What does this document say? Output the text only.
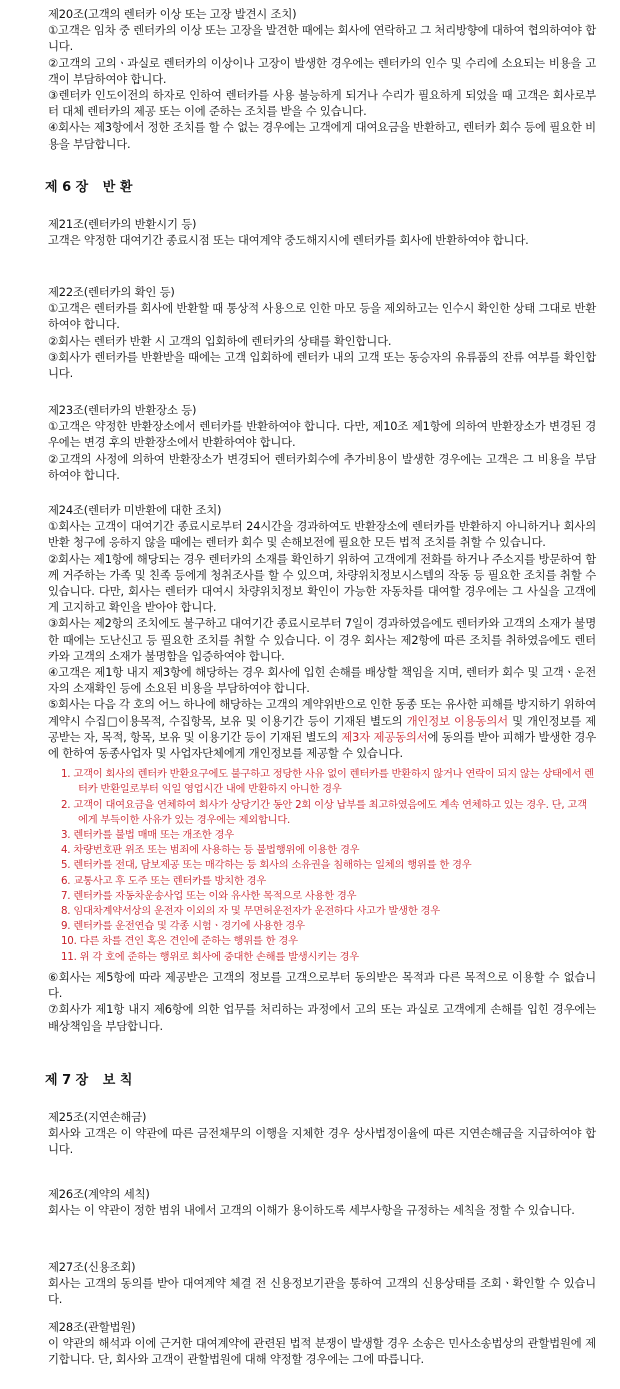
제20조(고객의 렌터카 이상 또는 고장 발견시 조치)
①고객은 임차 중 렌터카의 이상 또는 고장을 발견한 때에는 회사에 연락하고 그 처리방향에 대하여 협의하여야 합니다.
②고객의 고의ㆍ과실로 렌터카의 이상이나 고장이 발생한 경우에는 렌터카의 인수 및 수리에 소요되는 비용을 고객이 부담하여야 합니다.
③렌터카 인도이전의 하자로 인하여 렌터카를 사용 불능하게 되거나 수리가 필요하게 되었을 때 고객은 회사로부터 대체 렌터카의 제공 또는 이에 준하는 조치를 받을 수 있습니다.
④회사는 제3항에서 정한 조치를 할 수 없는 경우에는 고객에게 대여요금을 반환하고, 렌터카 회수 등에 필요한 비용을 부담합니다.
제 6 장 반 환
제21조(렌터카의 반환시기 등)
고객은 약정한 대여기간 종료시점 또는 대여계약 중도해지시에 렌터카를 회사에 반환하여야 합니다.
제22조(렌터카의 확인 등)
①고객은 렌터카를 회사에 반환할 때 통상적 사용으로 인한 마모 등을 제외하고는 인수시 확인한 상태 그대로 반환하여야 합니다.
②회사는 렌터카 반환 시 고객의 입회하에 렌터카의 상태를 확인합니다.
③회사가 렌터카를 반환받을 때에는 고객 입회하에 렌터카 내의 고객 또는 동승자의 유류품의 잔류 여부를 확인합니다.
제23조(렌터카의 반환장소 등)
①고객은 약정한 반환장소에서 렌터카를 반환하여야 합니다. 다만, 제10조 제1항에 의하여 반환장소가 변경된 경우에는 변경 후의 반환장소에서 반환하여야 합니다.
②고객의 사정에 의하여 반환장소가 변경되어 렌터카회수에 추가비용이 발생한 경우에는 고객은 그 비용을 부담하여야 합니다.
제24조(렌터카 미반환에 대한 조치)
①회사는 고객이 대여기간 종료시로부터 24시간을 경과하여도 반환장소에 렌터카를 반환하지 아니하거나 회사의 반환 청구에 응하지 않을 때에는 렌터카 회수 및 손해보전에 필요한 모든 법적 조치를 취할 수 있습니다.
②회사는 제1항에 해당되는 경우 렌터카의 소재를 확인하기 위하여 고객에게 전화를 하거나 주소지를 방문하여 함께 거주하는 가족 및 친족 등에게 청취조사를 할 수 있으며, 차량위치정보시스템의 작동 등 필요한 조치를 취할 수 있습니다. 다만, 회사는 렌터카 대여시 차량위치정보 확인이 가능한 자동차를 대여할 경우에는 그 사실을 고객에게 고지하고 확인을 받아야 합니다.
③회사는 제2항의 조치에도 불구하고 대여기간 종료시로부터 7일이 경과하였음에도 렌터카와 고객의 소재가 불명한 때에는 도난신고 등 필요한 조치를 취할 수 있습니다. 이 경우 회사는 제2항에 따른 조치를 취하였음에도 렌터카와 고객의 소재가 불명함을 입증하여야 합니다.
④고객은 제1항 내지 제3항에 해당하는 경우 회사에 입힌 손해를 배상할 책임을 지며, 렌터카 회수 및 고객ㆍ운전자의 소재확인 등에 소요된 비용을 부담하여야 합니다.
⑤회사는 다음 각 호의 어느 하나에 해당하는 고객의 계약위반으로 인한 동종 또는 유사한 피해를 방지하기 위하여 계약시 수집□이용목적, 수집항목, 보유 및 이용기간 등이 기재된 별도의 개인정보 이용동의서 및 개인정보를 제공받는 자, 목적, 항목, 보유 및 이용기간 등이 기재된 별도의 제3자 제공동의서에 동의를 받아 피해가 발생한 경우에 한하여 동종사업자 및 사업자단체에게 개인정보를 제공할 수 있습니다.
1. 고객이 회사의 렌터카 반환요구에도 불구하고 정당한 사유 없이 렌터카를 반환하지 않거나 연락이 되지 않는 상태에서 렌터카 반환일로부터 익일 영업시간 내에 반환하지 아니한 경우
2. 고객이 대여요금을 연체하여 회사가 상당기간 동안 2회 이상 납부를 최고하였음에도 계속 연체하고 있는 경우. 단, 고객에게 부득이한 사유가 있는 경우에는 제외합니다.
3. 렌터카를 불법 매매 또는 개조한 경우
4. 차량번호판 위조 또는 범죄에 사용하는 등 불법행위에 이용한 경우
5. 렌터카를 전대, 담보제공 또는 매각하는 등 회사의 소유권을 침해하는 일체의 행위를 한 경우
6. 교통사고 후 도주 또는 렌터카를 방치한 경우
7. 렌터카를 자동차운송사업 또는 이와 유사한 목적으로 사용한 경우
8. 임대차계약서상의 운전자 이외의 자 및 무면허운전자가 운전하다 사고가 발생한 경우
9. 렌터카를 운전연습 및 각종 시험ㆍ경기에 사용한 경우
10. 다른 차를 견인 혹은 견인에 준하는 행위를 한 경우
11. 위 각 호에 준하는 행위로 회사에 중대한 손해를 발생시키는 경우
⑥회사는 제5항에 따라 제공받은 고객의 정보를 고객으로부터 동의받은 목적과 다른 목적으로 이용할 수 없습니다.
⑦회사가 제1항 내지 제6항에 의한 업무를 처리하는 과정에서 고의 또는 과실로 고객에게 손해를 입힌 경우에는 배상책임을 부담합니다.
제 7 장 보 칙
제25조(지연손해금)
회사와 고객은 이 약관에 따른 금전채무의 이행을 지체한 경우 상사법정이율에 따른 지연손해금을 지급하여야 합니다.
제26조(계약의 세칙)
회사는 이 약관이 정한 범위 내에서 고객의 이해가 용이하도록 세부사항을 규정하는 세칙을 정할 수 있습니다.
제27조(신용조회)
회사는 고객의 동의를 받아 대여계약 체결 전 신용정보기관을 통하여 고객의 신용상태를 조회ㆍ확인할 수 있습니다.
제28조(관할법원)
이 약관의 해석과 이에 근거한 대여계약에 관련된 법적 분쟁이 발생할 경우 소송은 민사소송법상의 관할법원에 제기합니다. 단, 회사와 고객이 관할법원에 대해 약정할 경우에는 그에 따릅니다.
